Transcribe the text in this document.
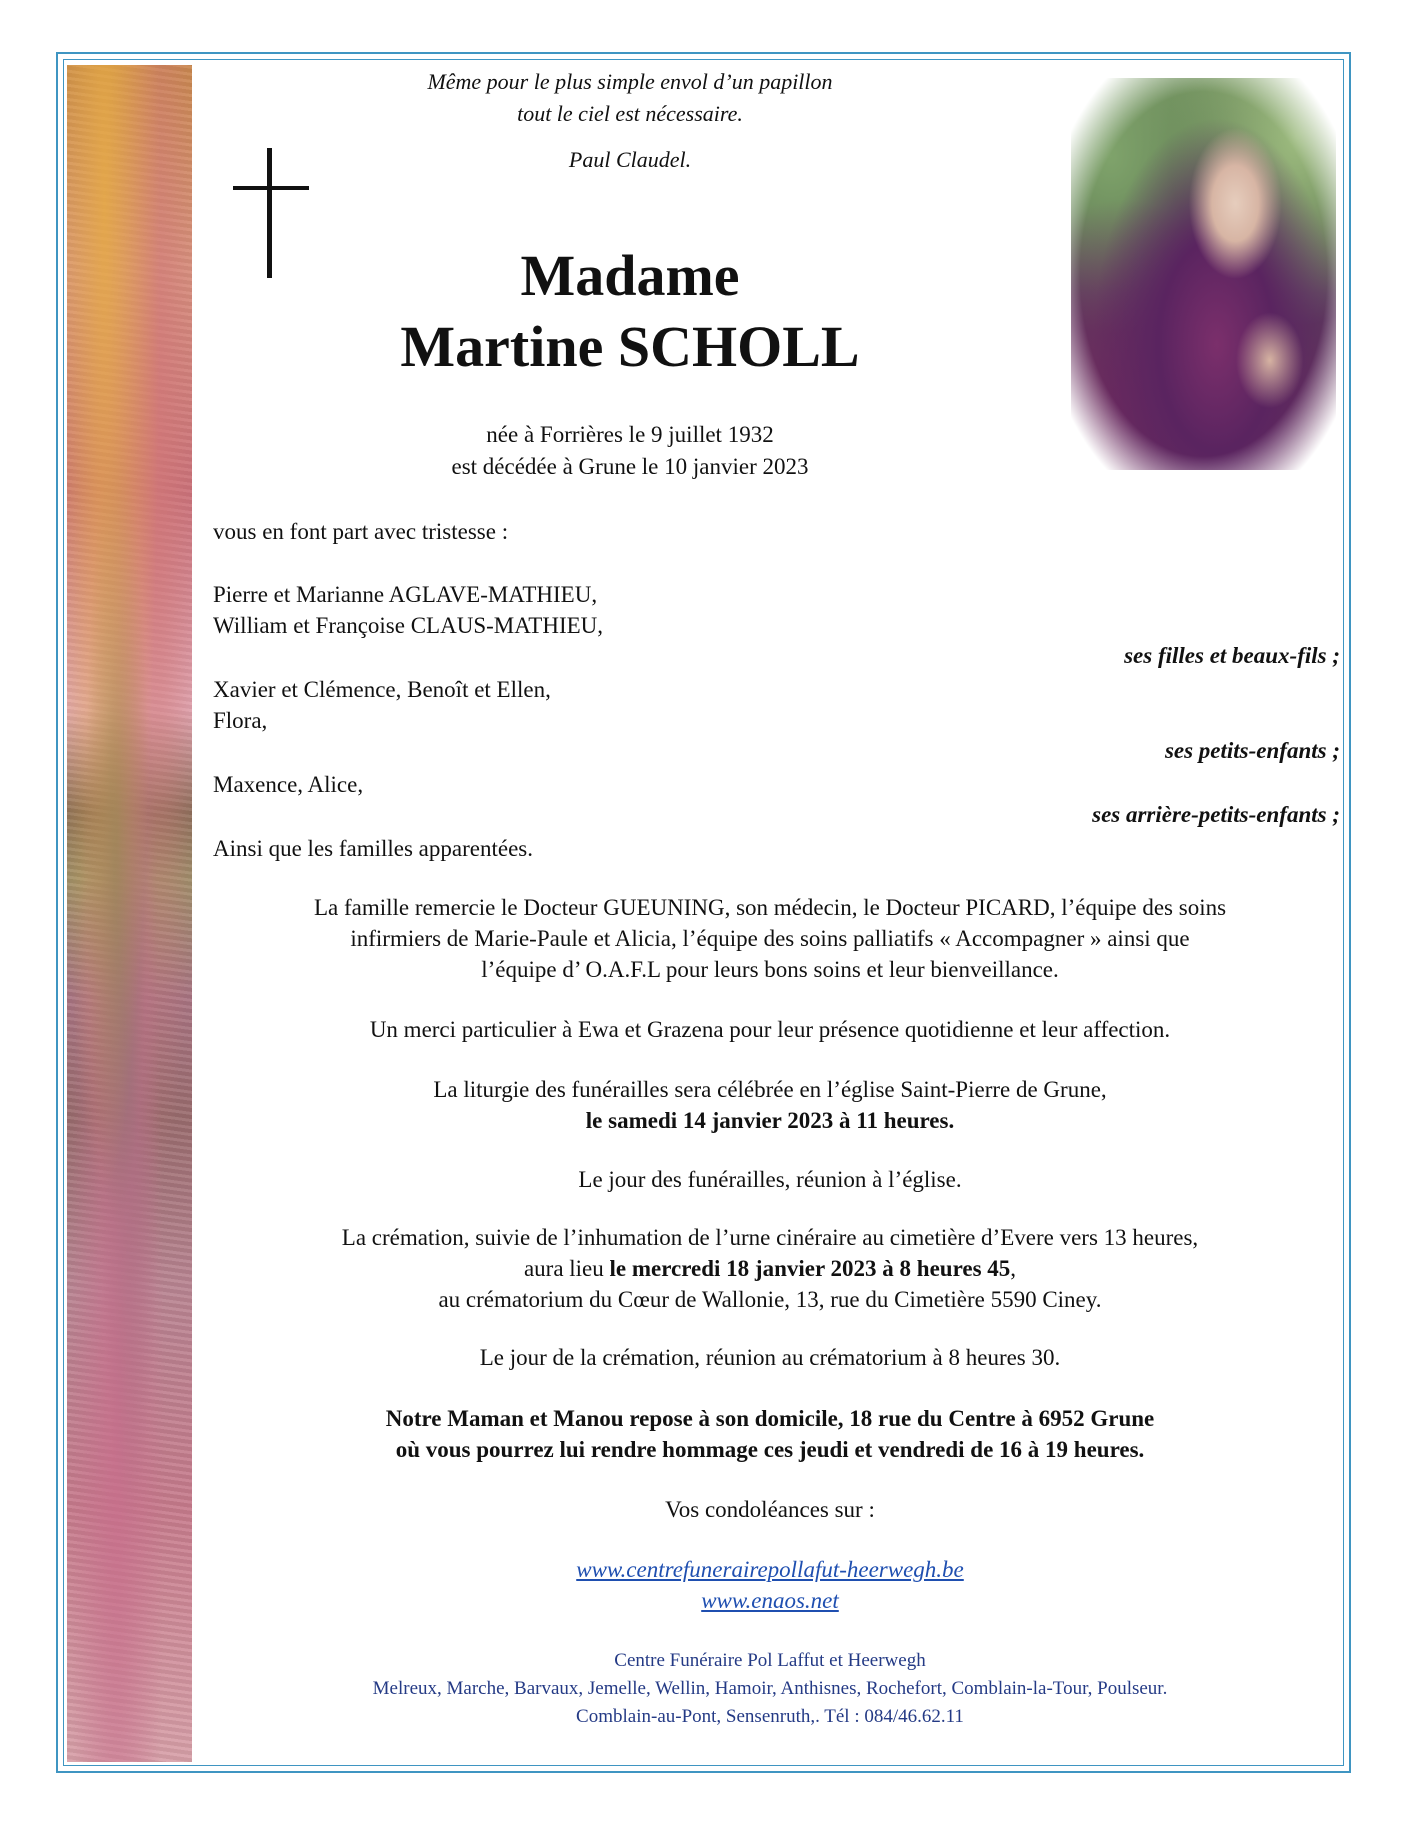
Même pour le plus simple envol d’un papillon
tout le ciel est nécessaire.
Paul Claudel.
Madame
Martine SCHOLL
née à Forrières le 9 juillet 1932
est décédée à Grune le 10 janvier 2023
vous en font part avec tristesse :
Pierre et Marianne AGLAVE-MATHIEU,
William et Françoise CLAUS-MATHIEU,
ses filles et beaux-fils ;
Xavier et Clémence, Benoît et Ellen,
Flora,
ses petits-enfants ;
Maxence, Alice,
ses arrière-petits-enfants ;
Ainsi que les familles apparentées.
La famille remercie le Docteur GUEUNING, son médecin, le Docteur PICARD, l’équipe des soins
infirmiers de Marie-Paule et Alicia, l’équipe des soins palliatifs « Accompagner » ainsi que
l’équipe d’ O.A.F.L pour leurs bons soins et leur bienveillance.
Un merci particulier à Ewa et Grazena pour leur présence quotidienne et leur affection.
La liturgie des funérailles sera célébrée en l’église Saint-Pierre de Grune,
le samedi 14 janvier 2023 à 11 heures.
Le jour des funérailles, réunion à l’église.
La crémation, suivie de l’inhumation de l’urne cinéraire au cimetière d’Evere vers 13 heures,
aura lieu le mercredi 18 janvier 2023 à 8 heures 45,
au crématorium du Cœur de Wallonie, 13, rue du Cimetière 5590 Ciney.
Le jour de la crémation, réunion au crématorium à 8 heures 30.
Notre Maman et Manou repose à son domicile, 18 rue du Centre à 6952 Grune
où vous pourrez lui rendre hommage ces jeudi et vendredi de 16 à 19 heures.
Vos condoléances sur :
www.centrefunerairepollafut-heerwegh.be
www.enaos.net
Centre Funéraire Pol Laffut et Heerwegh
Melreux, Marche, Barvaux, Jemelle, Wellin, Hamoir, Anthisnes, Rochefort, Comblain-la-Tour, Poulseur.
Comblain-au-Pont, Sensenruth,. Tél : 084/46.62.11
